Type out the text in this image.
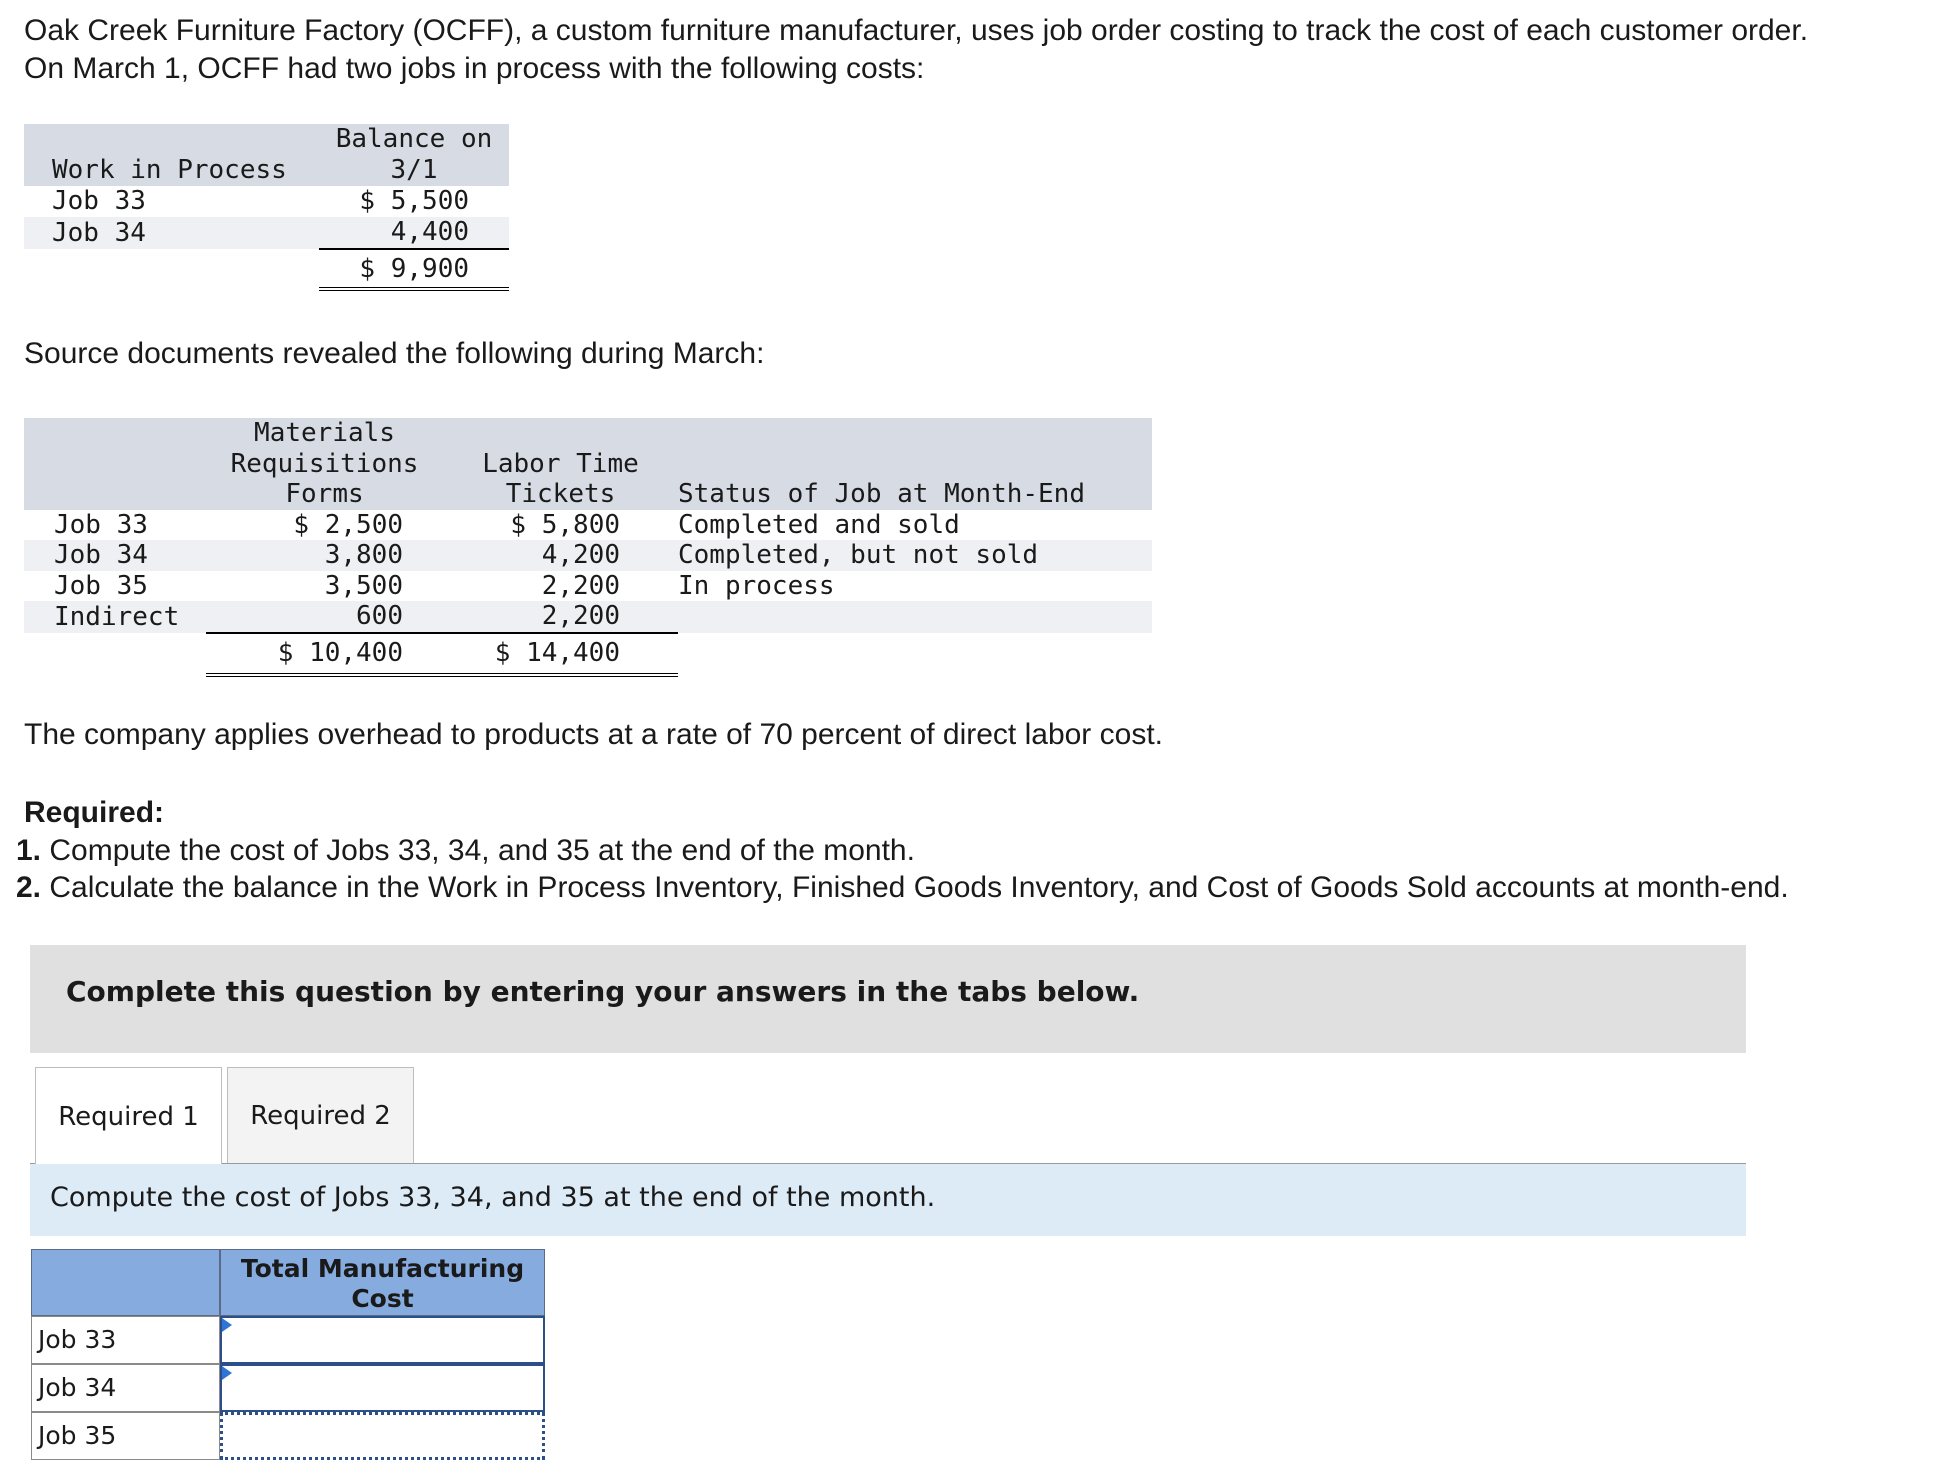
Oak Creek Furniture Factory (OCFF), a custom furniture manufacturer, uses job order costing to track the cost of each customer order.
On March 1, OCFF had two jobs in process with the following costs:

	Balance on
Work in Process	3/1
Job 33	$ 5,500
Job 34	4,400
	$ 9,900

Source documents revealed the following during March:

	Materials		
	Requisitions	Labor Time	
	Forms	Tickets	Status of Job at Month-End
Job 33	$ 2,500	$ 5,800	Completed and sold
Job 34	3,800	4,200	Completed, but not sold
Job 35	3,500	2,200	In process
Indirect	600	2,200	
	$ 10,400	$ 14,400	

The company applies overhead to products at a rate of 70 percent of direct labor cost.

Required:

1. Compute the cost of Jobs 33, 34, and 35 at the end of the month.
2. Calculate the balance in the Work in Process Inventory, Finished Goods Inventory, and Cost of Goods Sold accounts at month-end.
Complete this question by entering your answers in the tabs below.
Required 1 Required 2
Compute the cost of Jobs 33, 34, and 35 at the end of the month.
Total Manufacturing
Cost
Job 33
Job 34
Job 35
